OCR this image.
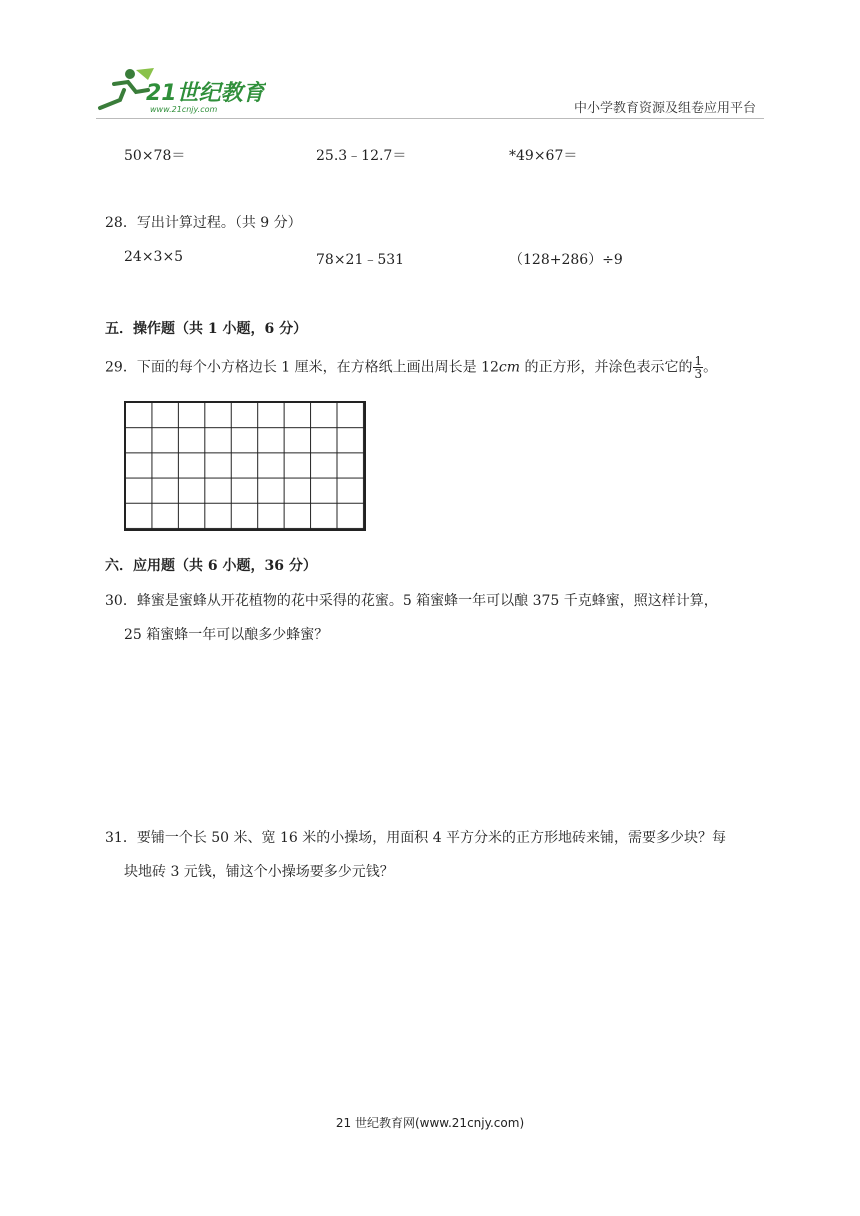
21世纪教育
www.21cnjy.com	中小学教育资源及组卷应用平台
50×78＝	25.3﹣12.7＝	*49×67＝
28．写出计算过程。（共 9 分）
24×3×5	78×21﹣531	（128+286）÷9
五．操作题（共 1 小题，6 分）
29．下面的每个小方格边长 1 厘米，在方格纸上画出周长是 12cm 的正方形，并涂色表示它的 $\frac{1}{3}$ 。
六．应用题（共 6 小题，36 分）
30．蜂蜜是蜜蜂从开花植物的花中采得的花蜜。5 箱蜜蜂一年可以酿 375 千克蜂蜜，照这样计算，
25 箱蜜蜂一年可以酿多少蜂蜜？
31．要铺一个长 50 米、宽 16 米的小操场，用面积 4 平方分米的正方形地砖来铺，需要多少块？每
块地砖 3 元钱，铺这个小操场要多少元钱？
21 世纪教育网(www.21cnjy.com)
